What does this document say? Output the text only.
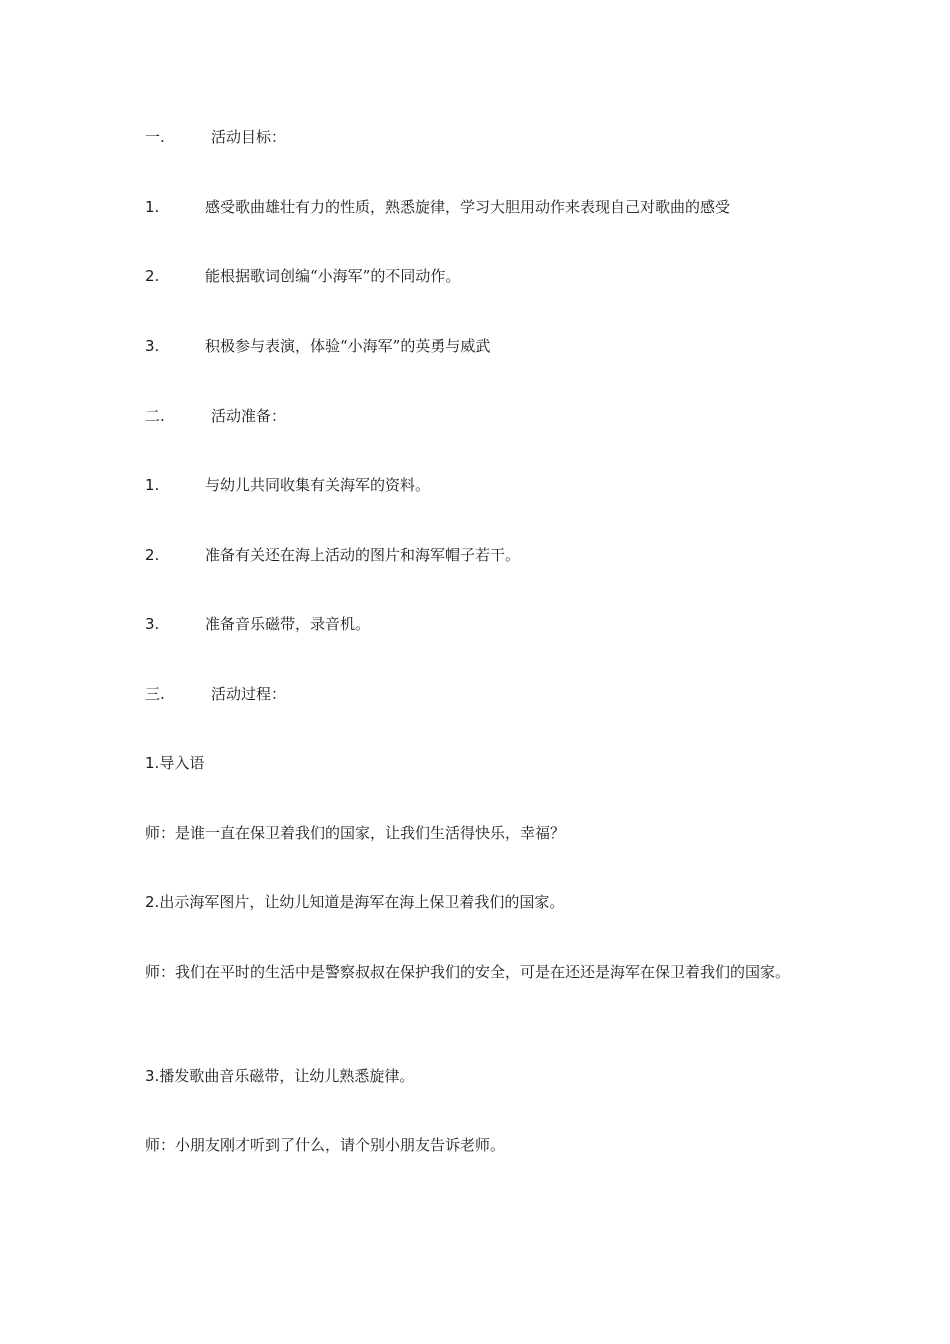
一.	活动目标：
1.	感受歌曲雄壮有力的性质，熟悉旋律，学习大胆用动作来表现自己对歌曲的感受
2.	能根据歌词创编“小海军”的不同动作。
3.	积极参与表演，体验“小海军”的英勇与威武
二.	活动准备：
1.	与幼儿共同收集有关海军的资料。
2.	准备有关还在海上活动的图片和海军帽子若干。
3.	准备音乐磁带，录音机。
三.	活动过程：
1.导入语
师：是谁一直在保卫着我们的国家，让我们生活得快乐，幸福？
2.出示海军图片，让幼儿知道是海军在海上保卫着我们的国家。
师：我们在平时的生活中是警察叔叔在保护我们的安全，可是在还还是海军在保卫着我们的国家。
3.播发歌曲音乐磁带，让幼儿熟悉旋律。
师：小朋友刚才听到了什么，请个别小朋友告诉老师。
